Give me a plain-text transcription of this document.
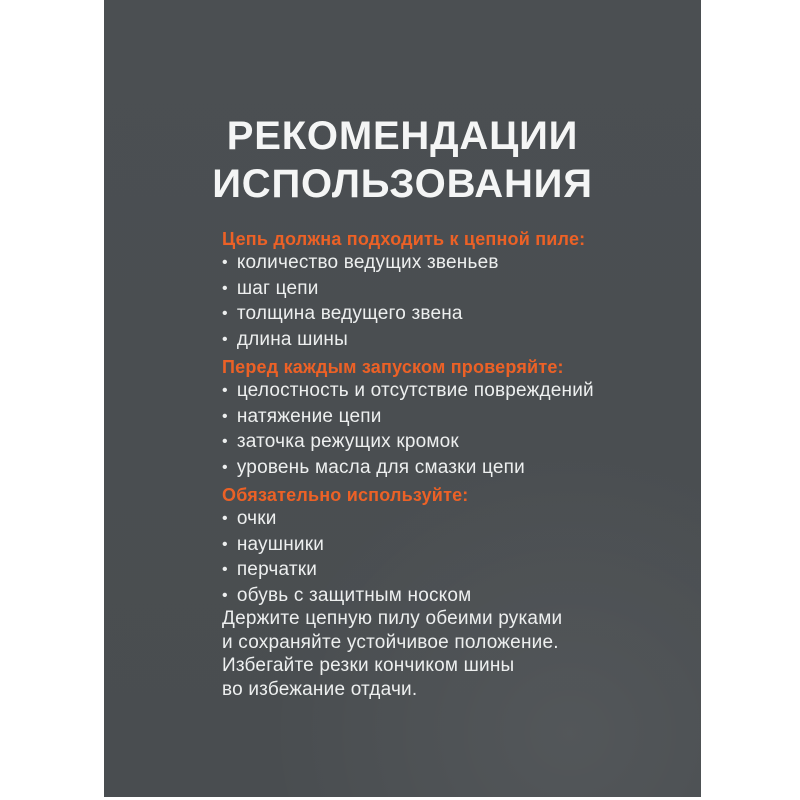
РЕКОМЕНДАЦИИ
ИСПОЛЬЗОВАНИЯ

Цепь должна подходить к цепной пиле:

• количество ведущих звеньев
• шаг цепи
• толщина ведущего звена
• длина шины

Перед каждым запуском проверяйте:

• целостность и отсутствие повреждений
• натяжение цепи
• заточка режущих кромок
• уровень масла для смазки цепи

Обязательно используйте:

• очки
• наушники
• перчатки
• обувь с защитным носком
Держите цепную пилу обеими руками
и сохраняйте устойчивое положение.
Избегайте резки кончиком шины
во избежание отдачи.
